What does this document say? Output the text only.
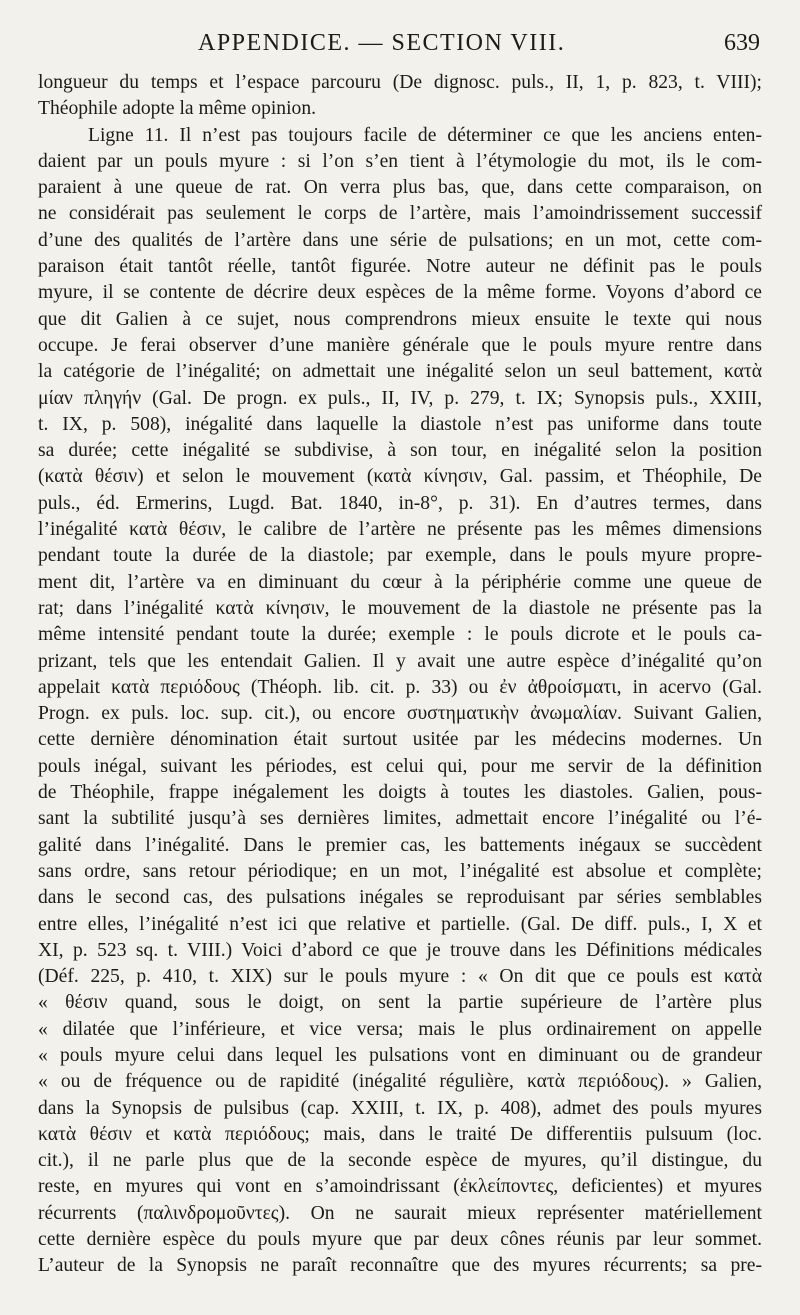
APPENDICE. — SECTION VIII.	639
longueur du temps et l’espace parcouru (De dignosc. puls., II, 1, p. 823, t. VIII);
Théophile adopte la même opinion.
Ligne 11. Il n’est pas toujours facile de déterminer ce que les anciens enten-
daient par un pouls myure : si l’on s’en tient à l’étymologie du mot, ils le com-
paraient à une queue de rat. On verra plus bas, que, dans cette comparaison, on
ne considérait pas seulement le corps de l’artère, mais l’amoindrissement successif
d’une des qualités de l’artère dans une série de pulsations; en un mot, cette com-
paraison était tantôt réelle, tantôt figurée. Notre auteur ne définit pas le pouls
myure, il se contente de décrire deux espèces de la même forme. Voyons d’abord ce
que dit Galien à ce sujet, nous comprendrons mieux ensuite le texte qui nous
occupe. Je ferai observer d’une manière générale que le pouls myure rentre dans
la catégorie de l’inégalité; on admettait une inégalité selon un seul battement, κατὰ
μίαν πληγήν (Gal. De progn. ex puls., II, IV, p. 279, t. IX; Synopsis puls., XXIII,
t. IX, p. 508), inégalité dans laquelle la diastole n’est pas uniforme dans toute
sa durée; cette inégalité se subdivise, à son tour, en inégalité selon la position
(κατὰ θέσιν) et selon le mouvement (κατὰ κίνησιν, Gal. passim, et Théophile, De
puls., éd. Ermerins, Lugd. Bat. 1840, in-8°, p. 31). En d’autres termes, dans
l’inégalité κατὰ θέσιν, le calibre de l’artère ne présente pas les mêmes dimensions
pendant toute la durée de la diastole; par exemple, dans le pouls myure propre-
ment dit, l’artère va en diminuant du cœur à la périphérie comme une queue de
rat; dans l’inégalité κατὰ κίνησιν, le mouvement de la diastole ne présente pas la
même intensité pendant toute la durée; exemple : le pouls dicrote et le pouls ca-
prizant, tels que les entendait Galien. Il y avait une autre espèce d’inégalité qu’on
appelait κατὰ περιόδους (Théoph. lib. cit. p. 33) ou ἐν ἀθροίσματι, in acervo (Gal.
Progn. ex puls. loc. sup. cit.), ou encore συστηματικὴν ἀνωμαλίαν. Suivant Galien,
cette dernière dénomination était surtout usitée par les médecins modernes. Un
pouls inégal, suivant les périodes, est celui qui, pour me servir de la définition
de Théophile, frappe inégalement les doigts à toutes les diastoles. Galien, pous-
sant la subtilité jusqu’à ses dernières limites, admettait encore l’inégalité ou l’é-
galité dans l’inégalité. Dans le premier cas, les battements inégaux se succèdent
sans ordre, sans retour périodique; en un mot, l’inégalité est absolue et complète;
dans le second cas, des pulsations inégales se reproduisant par séries semblables
entre elles, l’inégalité n’est ici que relative et partielle. (Gal. De diff. puls., I, X et
XI, p. 523 sq. t. VIII.) Voici d’abord ce que je trouve dans les Définitions médicales
(Déf. 225, p. 410, t. XIX) sur le pouls myure : « On dit que ce pouls est κατὰ
« θέσιν quand, sous le doigt, on sent la partie supérieure de l’artère plus
« dilatée que l’inférieure, et vice versa; mais le plus ordinairement on appelle
« pouls myure celui dans lequel les pulsations vont en diminuant ou de grandeur
« ou de fréquence ou de rapidité (inégalité régulière, κατὰ περιόδους). » Galien,
dans la Synopsis de pulsibus (cap. XXIII, t. IX, p. 408), admet des pouls myures
κατὰ θέσιν et κατὰ περιόδους; mais, dans le traité De differentiis pulsuum (loc.
cit.), il ne parle plus que de la seconde espèce de myures, qu’il distingue, du
reste, en myures qui vont en s’amoindrissant (ἐκλείποντες, deficientes) et myures
récurrents (παλινδρομοῦντες). On ne saurait mieux représenter matériellement
cette dernière espèce du pouls myure que par deux cônes réunis par leur sommet.
L’auteur de la Synopsis ne paraît reconnaître que des myures récurrents; sa pre-
